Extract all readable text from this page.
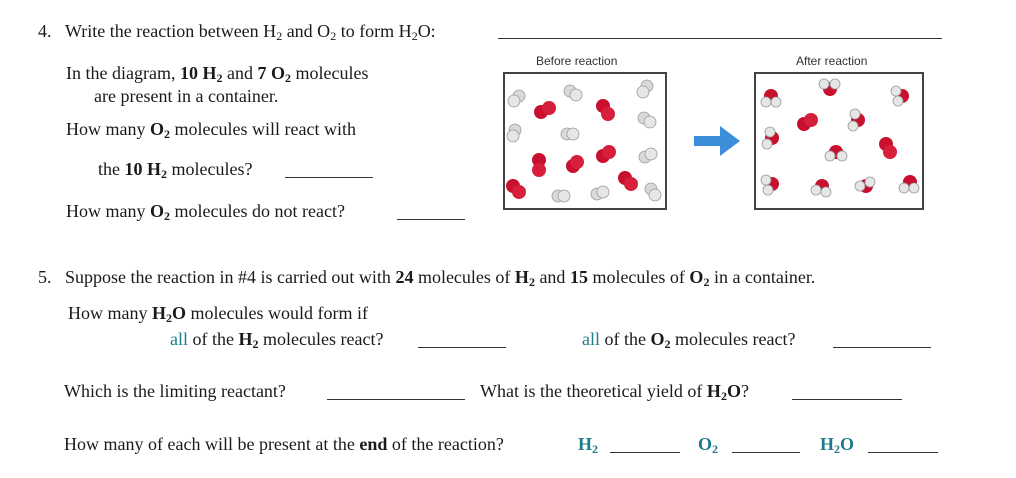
4. Write the reaction between $H_2$ and $O_2$ to form $H_2O$:
In the diagram, 10 $H_2$ and 7 $O_2$ molecules
are present in a container.
How many $O_2$ molecules will react with
the 10 $H_2$ molecules?
How many $O_2$ molecules do not react?
Before reaction	After reaction
5. Suppose the reaction in #4 is carried out with 24 molecules of $H_2$ and 15 molecules of $O_2$ in a container.
How many $H_2O$ molecules would form if
all of the $H_2$ molecules react?	all of the $O_2$ molecules react?
Which is the limiting reactant?	What is the theoretical yield of $H_2O$?
How many of each will be present at the end of the reaction?	$H_2$	$O_2$	$H_2O$
